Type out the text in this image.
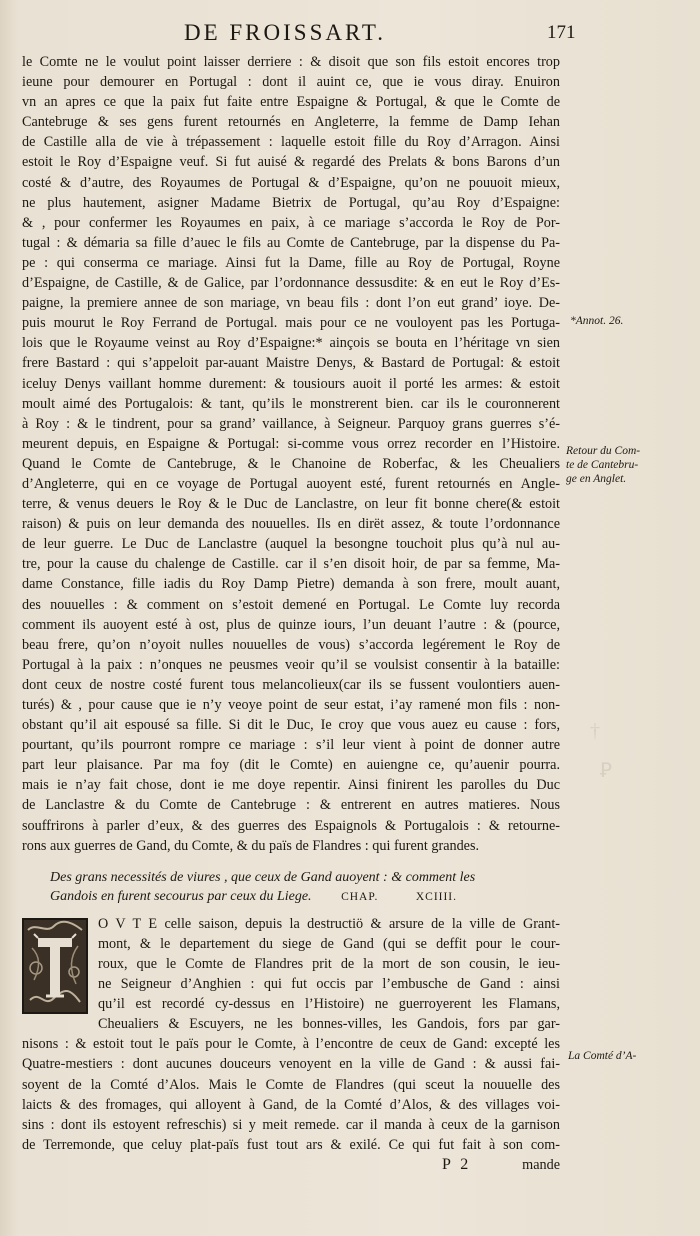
†
Ꝑ
DE FROISSART.	171
le Comte ne le voulut point laisser derriere : & disoit que son fils estoit encores trop
ieune pour demourer en Portugal : dont il auint ce, que ie vous diray. Enuiron
vn an apres ce que la paix fut faite entre Espaigne & Portugal, & que le Comte de
Cantebruge & ses gens furent retournés en Angleterre, la femme de Damp Iehan
de Castille alla de vie à trépassement : laquelle estoit fille du Roy d’Arragon. Ainsi
estoit le Roy d’Espaigne veuf. Si fut auisé & regardé des Prelats & bons Barons d’un
costé & d’autre, des Royaumes de Portugal & d’Espaigne, qu’on ne pouuoit mieux,
ne plus hautement, asigner Madame Bietrix de Portugal, qu’au Roy d’Espaigne:
& , pour confermer les Royaumes en paix, à ce mariage s’accorda le Roy de Por-
tugal : & démaria sa fille d’auec le fils au Comte de Cantebruge, par la dispense du Pa-
pe : qui conserma ce mariage. Ainsi fut la Dame, fille au Roy de Portugal, Royne
d’Espaigne, de Castille, & de Galice, par l’ordonnance dessusdite: & en eut le Roy d’Es-
paigne, la premiere annee de son mariage, vn beau fils : dont l’on eut grand’ ioye. De-
puis mourut le Roy Ferrand de Portugal. mais pour ce ne vouloyent pas les Portuga-
lois que le Royaume veinst au Roy d’Espaigne:* ainçois se bouta en l’héritage vn sien
frere Bastard : qui s’appeloit par-auant Maistre Denys, & Bastard de Portugal: & estoit
iceluy Denys vaillant homme durement: & tousiours auoit il porté les armes: & estoit
moult aimé des Portugalois: & tant, qu’ils le monstrerent bien. car ils le couronnerent
à Roy : & le tindrent, pour sa grand’ vaillance, à Seigneur. Parquoy grans guerres s’é-
meurent depuis, en Espaigne & Portugal: si-comme vous orrez recorder en l’Histoire.
Quand le Comte de Cantebruge, & le Chanoine de Roberfac, & les Cheualiers
d’Angleterre, qui en ce voyage de Portugal auoyent esté, furent retournés en Angle-
terre, & venus deuers le Roy & le Duc de Lanclastre, on leur fit bonne chere(& estoit
raison) & puis on leur demanda des nouuelles. Ils en dirët assez, & toute l’ordonnance
de leur guerre. Le Duc de Lanclastre (auquel la besongne touchoit plus qu’à nul au-
tre, pour la cause du chalenge de Castille. car il s’en disoit hoir, de par sa femme, Ma-
dame Constance, fille iadis du Roy Damp Pietre) demanda à son frere, moult auant,
des nouuelles : & comment on s’estoit demené en Portugal. Le Comte luy recorda
comment ils auoyent esté à ost, plus de quinze iours, l’un deuant l’autre : & (pource,
beau frere, qu’on n’oyoit nulles nouuelles de vous) s’accorda legérement le Roy de
Portugal à la paix : n’onques ne peusmes veoir qu’il se voulsist consentir à la bataille:
dont ceux de nostre costé furent tous melancolieux(car ils se fussent voulontiers auen-
turés) & , pour cause que ie n’y veoye point de seur estat, i’ay ramené mon fils : non-
obstant qu’il ait espousé sa fille. Si dit le Duc, Ie croy que vous auez eu cause : fors,
pourtant, qu’ils pourront rompre ce mariage : s’il leur vient à point de donner autre
part leur plaisance. Par ma foy (dit le Comte) en auiengne ce, qu’auenir pourra.
mais ie n’ay fait chose, dont ie me doye repentir. Ainsi finirent les parolles du Duc
de Lanclastre & du Comte de Cantebruge : & entrerent en autres matieres. Nous
souffrirons à parler d’eux, & des guerres des Espaignols & Portugalois : & retourne-
rons aux guerres de Gand, du Comte, & du païs de Flandres : qui furent grandes.
Des grans necessités de viures , que ceux de Gand auoyent : & comment les
Gandois en furent secourus par ceux du Liege.	CHAP.	XCIIII.
O V T E celle saison, depuis la destructiö & arsure de la ville de Grant-
mont, & le departement du siege de Gand (qui se deffit pour le cour-
roux, que le Comte de Flandres prit de la mort de son cousin, le ieu-
ne Seigneur d’Anghien : qui fut occis par l’embusche de Gand : ainsi
qu’il est recordé cy-dessus en l’Histoire) ne guerroyerent les Flamans,
Cheualiers & Escuyers, ne les bonnes-villes, les Gandois, fors par gar-
nisons : & estoit tout le païs pour le Comte, à l’encontre de ceux de Gand: excepté les
Quatre-mestiers : dont aucunes douceurs venoyent en la ville de Gand : & aussi fai-
soyent de la Comté d’Alos. Mais le Comte de Flandres (qui sceut la nouuelle des
laicts & des fromages, qui alloyent à Gand, de la Comté d’Alos, & des villages voi-
sins : dont ils estoyent refreschis) si y meit remede. car il manda à ceux de la garnison
de Terremonde, que celuy plat-païs fust tout ars & exilé. Ce qui fut fait à son com-
P 2	mande
*Annot. 26.
Retour du Com-
te de Cantebru-
ge en Anglet.
La Comté d’A-
